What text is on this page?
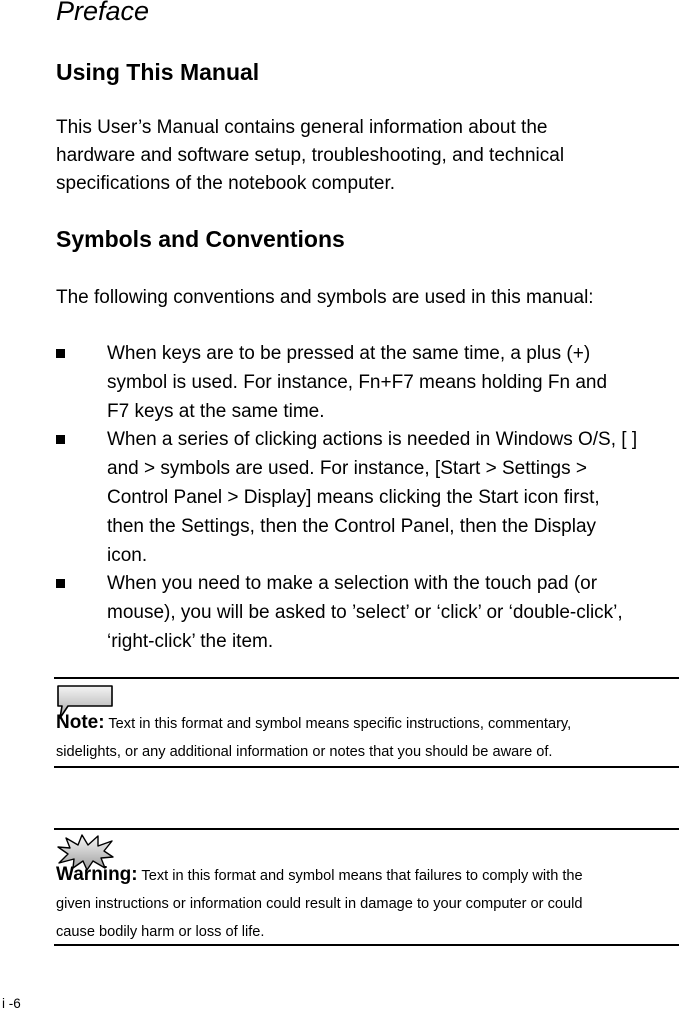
Preface
Using This Manual
This User’s Manual contains general information about the
hardware and software setup, troubleshooting, and technical
specifications of the notebook computer.
Symbols and Conventions
The following conventions and symbols are used in this manual:
When keys are to be pressed at the same time, a plus (+)
symbol is used. For instance, Fn+F7 means holding Fn and
F7 keys at the same time.
When a series of clicking actions is needed in Windows O/S, [ ]
and > symbols are used. For instance, [Start > Settings >
Control Panel > Display] means clicking the Start icon first,
then the Settings, then the Control Panel, then the Display
icon.
When you need to make a selection with the touch pad (or
mouse), you will be asked to ’select’ or ‘click’ or ‘double-click’,
‘right-click’ the item.
Note: Text in this format and symbol means specific instructions, commentary,
sidelights, or any additional information or notes that you should be aware of.
Warning: Text in this format and symbol means that failures to comply with the
given instructions or information could result in damage to your computer or could
cause bodily harm or loss of life.
i -6
